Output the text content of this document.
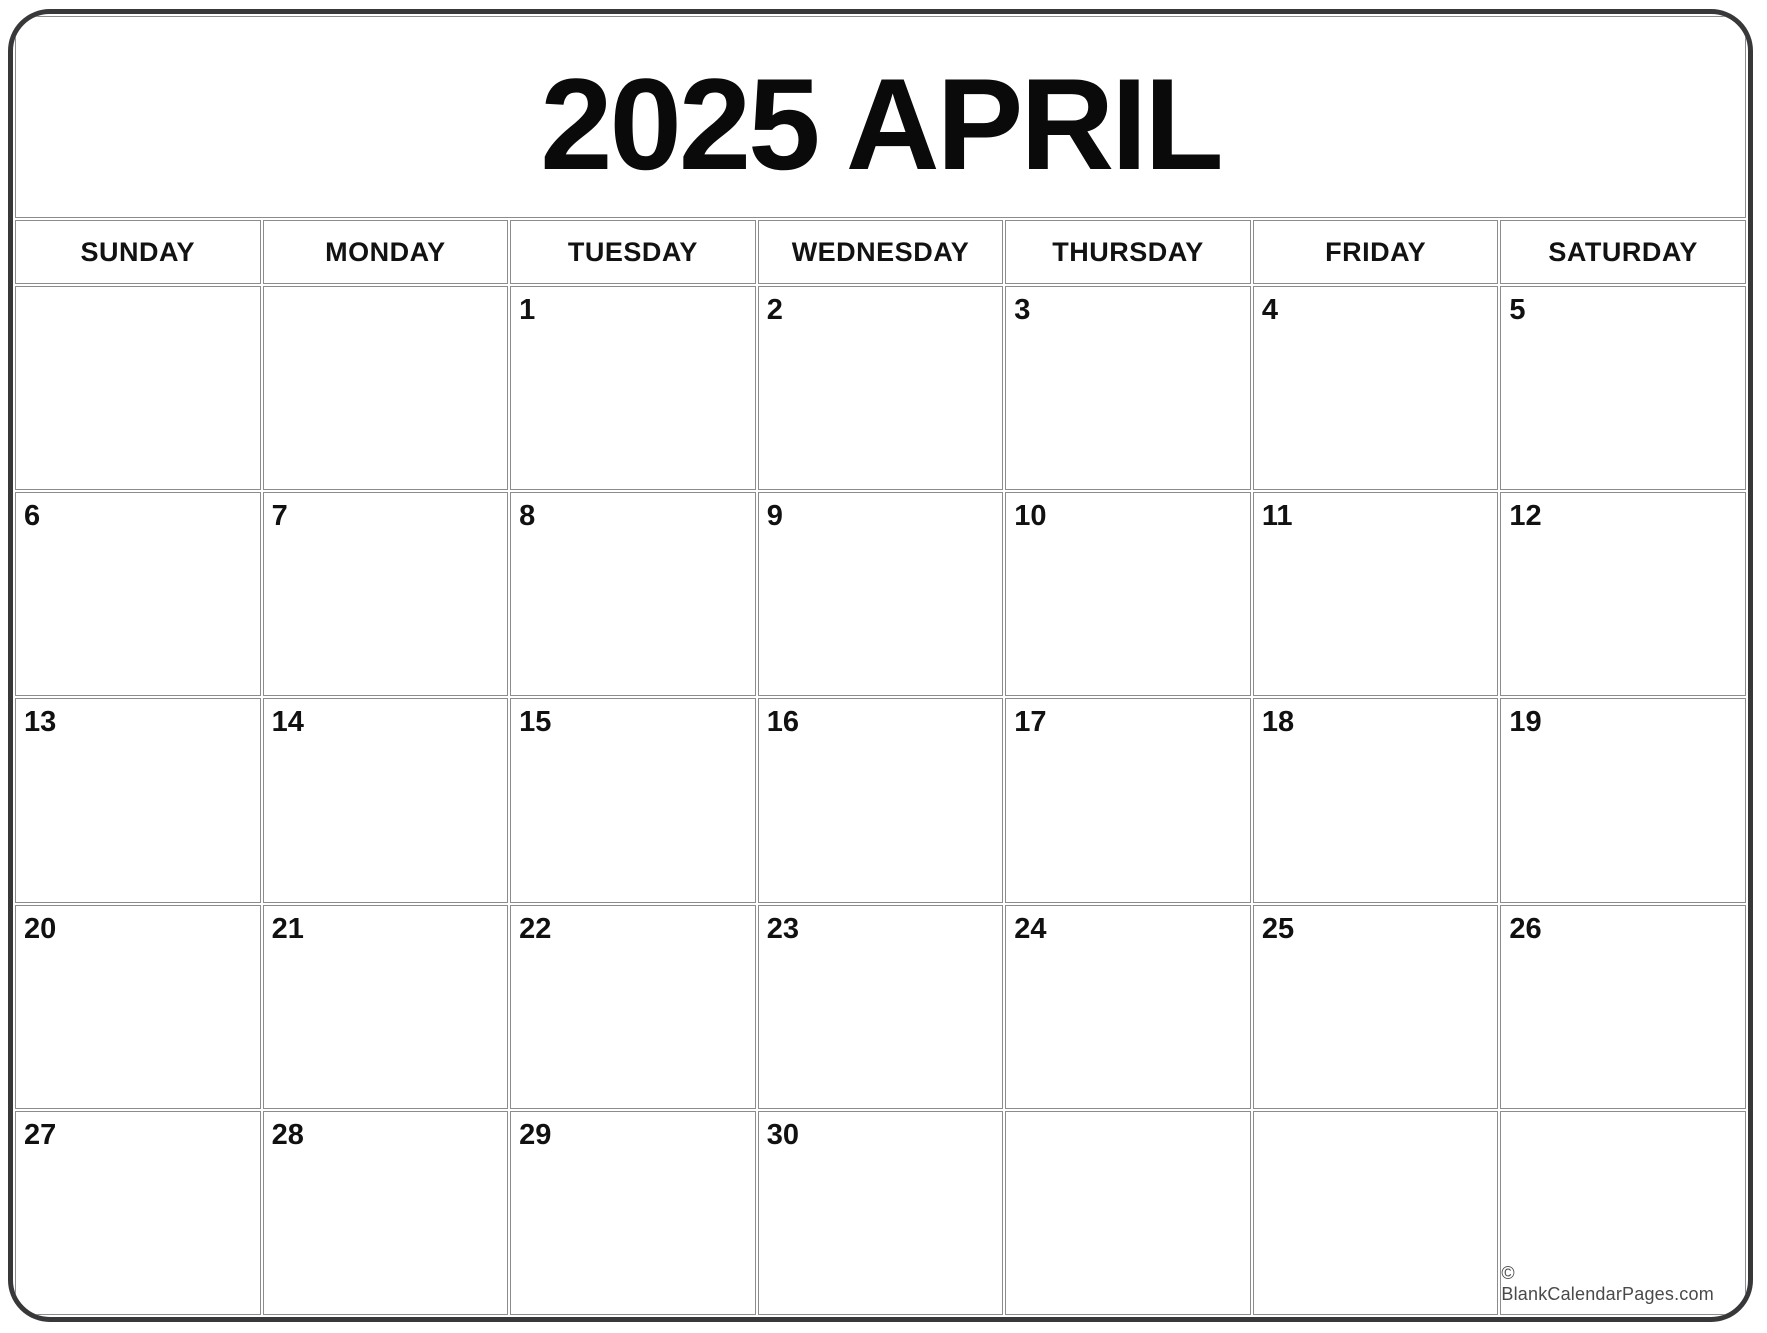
2025 APRIL						

SUNDAY	MONDAY	TUESDAY	WEDNESDAY	THURSDAY	FRIDAY	SATURDAY

		1	2	3	4	5

6	7	8	9	10	11	12

13	14	15	16	17	18	19

20	21	22	23	24	25	26

27	28	29	30			© BlankCalendarPages.com
